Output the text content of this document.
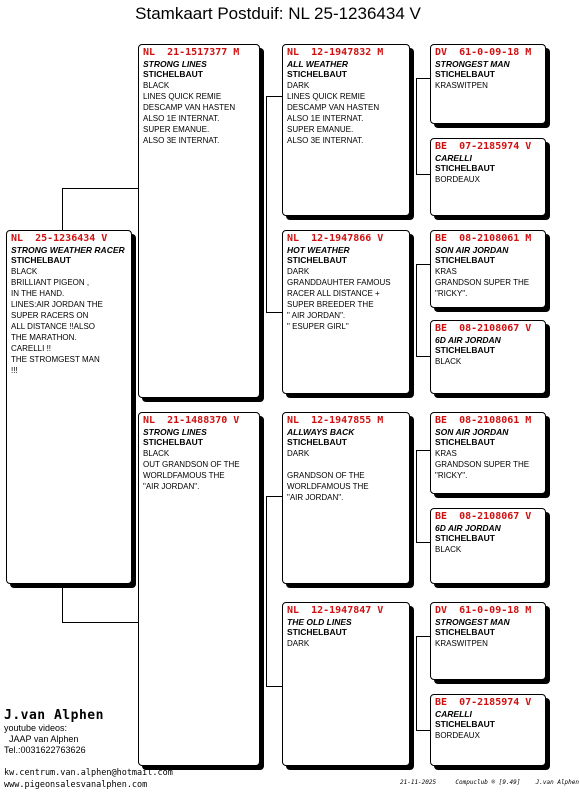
Stamkaart Postduif: NL 25-1236434 V
NL  25-1236434 V
STRONG WEATHER RACER
STICHELBAUT
BLACK
BRILLIANT PIGEON ,
IN THE HAND.
LINES:AIR JORDAN THE
SUPER RACERS ON
ALL DISTANCE !!ALSO
THE MARATHON.
CARELLI !!
THE STROMGEST MAN
!!!
NL  21-1517377 M
STRONG LINES
STICHELBAUT
BLACK
LINES QUICK REMIE
DESCAMP VAN HASTEN
ALSO 1E INTERNAT.
SUPER EMANUE.
ALSO 3E INTERNAT.
NL  21-1488370 V
STRONG LINES
STICHELBAUT
BLACK
OUT GRANDSON OF THE
WORLDFAMOUS THE
"AIR JORDAN".
NL  12-1947832 M
ALL WEATHER
STICHELBAUT
DARK
LINES QUICK REMIE
DESCAMP VAN HASTEN
ALSO 1E INTERNAT.
SUPER EMANUE.
ALSO 3E INTERNAT.
NL  12-1947866 V
HOT WEATHER
STICHELBAUT
DARK
GRANDDAUHTER FAMOUS
RACER ALL DISTANCE +
SUPER BREEDER THE
" AIR JORDAN".
" ESUPER GIRL"
NL  12-1947855 M
ALLWAYS BACK
STICHELBAUT
DARK
GRANDSON OF THE
WORLDFAMOUS THE
"AIR JORDAN".
NL  12-1947847 V
THE OLD LINES
STICHELBAUT
DARK
DV  61-0-09-18 M
STRONGEST MAN
STICHELBAUT
KRASWITPEN
BE  07-2185974 V
CARELLI
STICHELBAUT
BORDEAUX
BE  08-2108061 M
SON AIR JORDAN
STICHELBAUT
KRAS
GRANDSON SUPER THE
"RICKY".
BE  08-2108067 V
6D AIR JORDAN
STICHELBAUT
BLACK
BE  08-2108061 M
SON AIR JORDAN
STICHELBAUT
KRAS
GRANDSON SUPER THE
"RICKY".
BE  08-2108067 V
6D AIR JORDAN
STICHELBAUT
BLACK
DV  61-0-09-18 M
STRONGEST MAN
STICHELBAUT
KRASWITPEN
BE  07-2185974 V
CARELLI
STICHELBAUT
BORDEAUX
J.van Alphen
youtube videos:
JAAP van Alphen
Tel.:0031622763626
kw.centrum.van.alphen@hotmail.com
www.pigeonsalesvanalphen.com	21-11-2025	Compuclub ® [9.49]	J.van Alphen
